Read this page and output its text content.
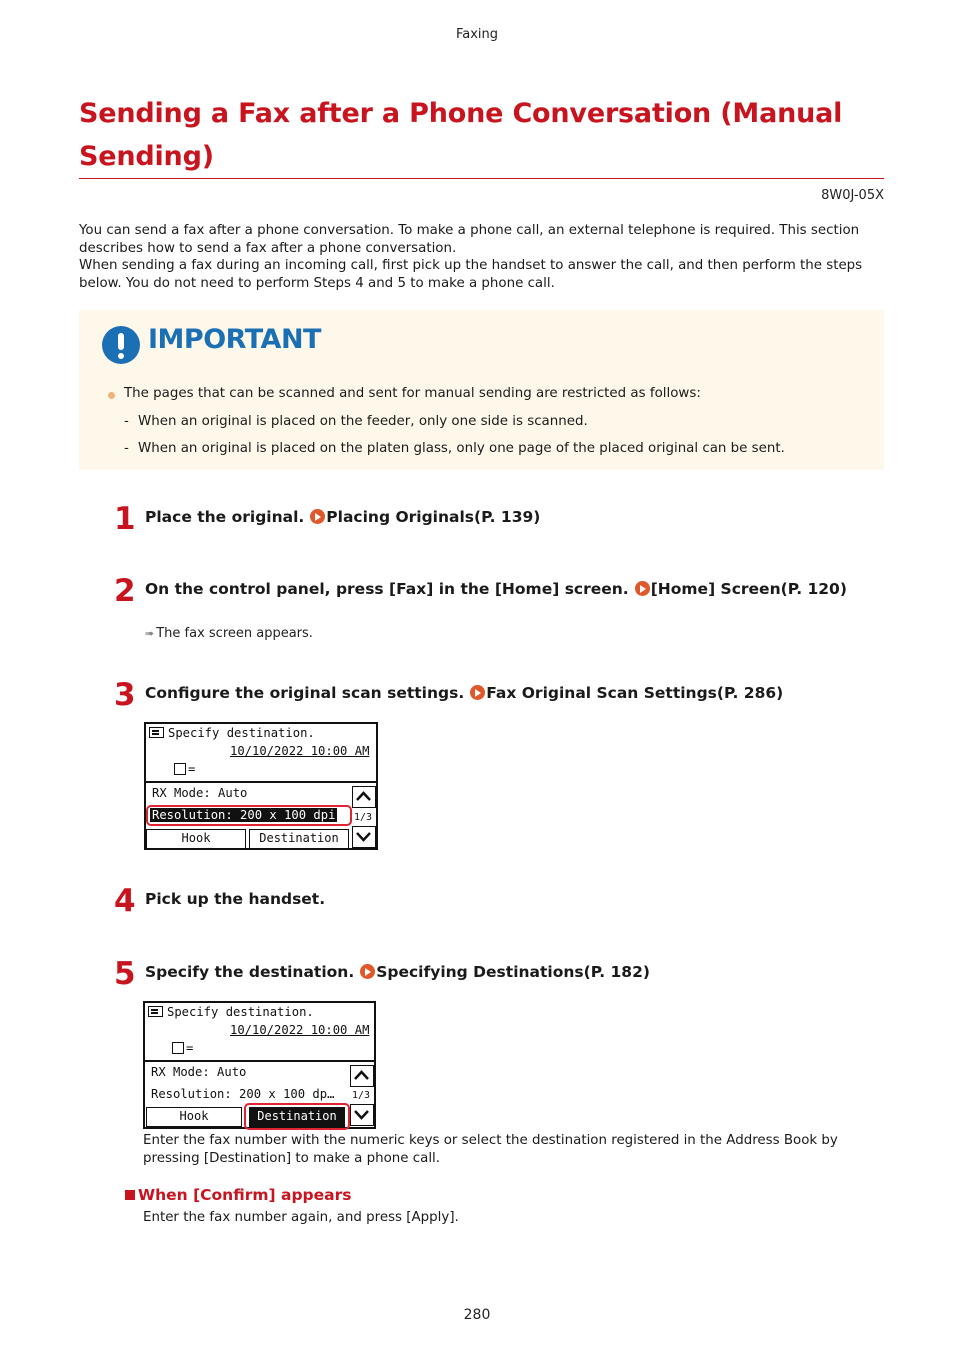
Faxing
Sending a Fax after a Phone Conversation (Manual Sending)
8W0J-05X

You can send a fax after a phone conversation. To make a phone call, an external telephone is required. This section describes how to send a fax after a phone conversation.

When sending a fax during an incoming call, first pick up the handset to answer the call, and then perform the steps below. You do not need to perform Steps 4 and 5 to make a phone call.

IMPORTANT
The pages that can be scanned and sent for manual sending are restricted as follows:
- When an original is placed on the feeder, only one side is scanned.
- When an original is placed on the platen glass, only one page of the placed original can be sent.
1 Place the original. Placing Originals(P. 139)
2 On the control panel, press [Fax] in the [Home] screen. [Home] Screen(P. 120)
➠ The fax screen appears.
3 Configure the original scan settings. Fax Original Scan Settings(P. 286)
Specify destination.
10/10/2022 10:00 AM
=
RX Mode: Auto
Resolution: 200 x 100 dpi 1/3
Hook	Destination
4 Pick up the handset.
5 Specify the destination. Specifying Destinations(P. 182)
Specify destination.
10/10/2022 10:00 AM
=
RX Mode: Auto
Resolution: 200 x 100 dp… 1/3
Hook	Destination
Enter the fax number with the numeric keys or select the destination registered in the Address Book by pressing [Destination] to make a phone call.
When [Confirm] appears
Enter the fax number again, and press [Apply].
280
